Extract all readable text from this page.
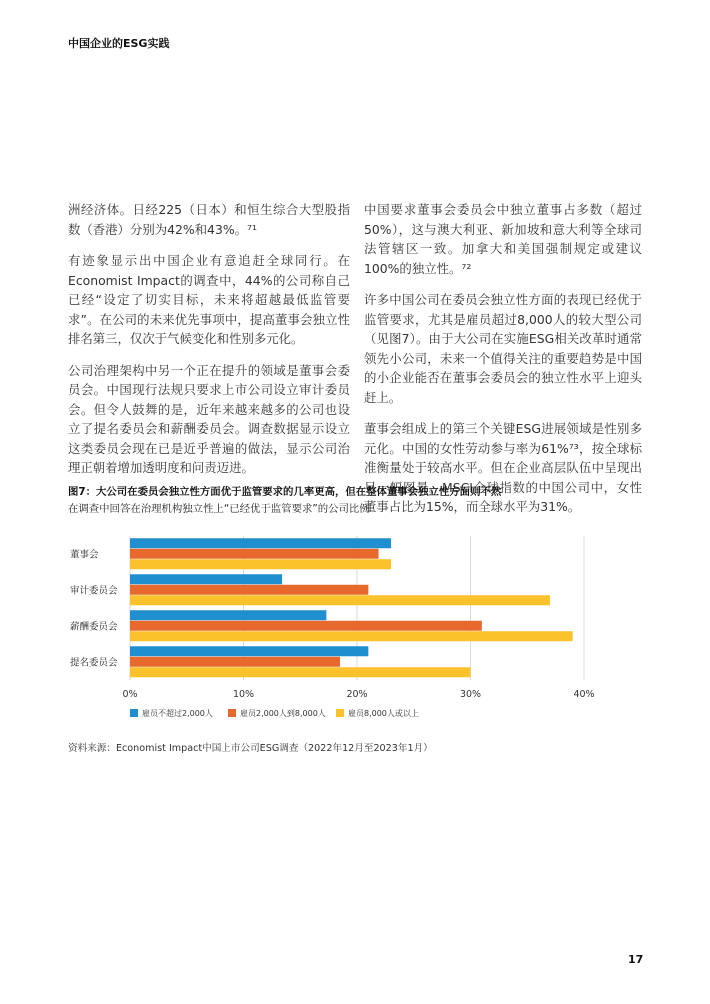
中国企业的ESG实践

洲经济体。日经225（日本）和恒生综合大型股指数（香港）分别为42%和43%。⁷¹

有迹象显示出中国企业有意追赶全球同行。在Economist Impact的调查中，44%的公司称自己已经“设定了切实目标，未来将超越最低监管要求”。在公司的未来优先事项中，提高董事会独立性排名第三，仅次于气候变化和性别多元化。

公司治理架构中另一个正在提升的领域是董事会委员会。中国现行法规只要求上市公司设立审计委员会。但令人鼓舞的是，近年来越来越多的公司也设立了提名委员会和薪酬委员会。调查数据显示设立这类委员会现在已是近乎普遍的做法，显示公司治理正朝着增加透明度和问责迈进。

中国要求董事会委员会中独立董事占多数（超过50%），这与澳大利亚、新加坡和意大利等全球司法管辖区一致。加拿大和美国强制规定或建议100%的独立性。⁷²

许多中国公司在委员会独立性方面的表现已经优于监管要求，尤其是雇员超过8,000人的较大型公司（见图7）。由于大公司在实施ESG相关改革时通常领先小公司，未来一个值得关注的重要趋势是中国的小企业能否在董事会委员会的独立性水平上迎头赶上。

董事会组成上的第三个关键ESG进展领域是性别多元化。中国的女性劳动参与率为61%⁷³，按全球标准衡量处于较高水平。但在企业高层队伍中呈现出另一幅图景。MSCI全球指数的中国公司中，女性董事占比为15%，而全球水平为31%。

图7：大公司在委员会独立性方面优于监管要求的几率更高，但在整体董事会独立性方面则不然
在调查中回答在治理机构独立性上“已经优于监管要求”的公司比例
0%	10%	20%	30%	40%
董事会
审计委员会
薪酬委员会
提名委员会
雇员不超过2,000人	雇员2,000人到8,000人	雇员8,000人或以上
资料来源：Economist Impact中国上市公司ESG调查（2022年12月至2023年1月）
17
